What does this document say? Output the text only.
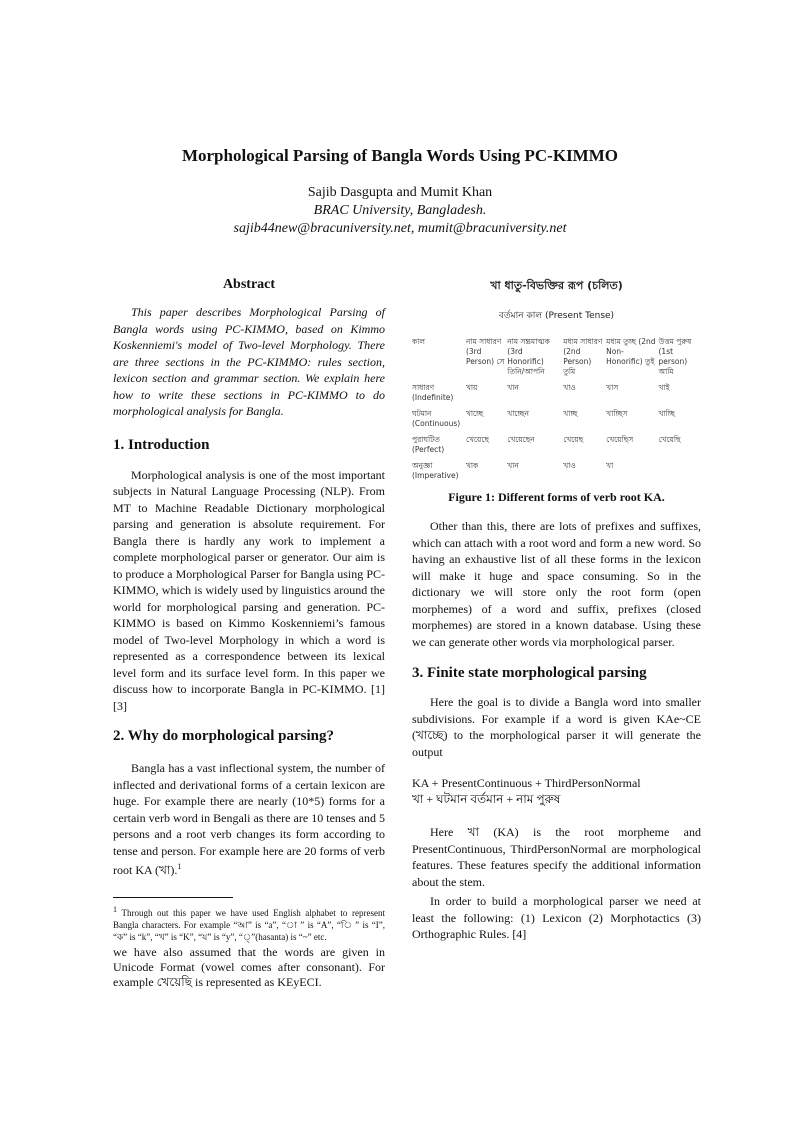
Morphological Parsing of Bangla Words Using PC-KIMMO
Sajib Dasgupta and Mumit Khan
BRAC University, Bangladesh.
sajib44new@bracuniversity.net, mumit@bracuniversity.net
Abstract

This paper describes Morphological Parsing of Bangla words using PC-KIMMO, based on Kimmo Koskenniemi's model of Two-level Morphology. There are three sections in the PC-KIMMO: rules section, lexicon section and grammar section. We explain here how to write these sections in PC-KIMMO to do morphological analysis for Bangla.

1. Introduction

Morphological analysis is one of the most important subjects in Natural Language Processing (NLP). From MT to Machine Readable Dictionary morphological parsing and generation is absolute requirement. For Bangla there is hardly any work to implement a complete morphological parser or generator. Our aim is to produce a Morphological Parser for Bangla using PC-KIMMO, which is widely used by linguistics around the world for morphological parsing and generation. PC-KIMMO is based on Kimmo Koskenniemi’s famous model of Two-level Morphology in which a word is represented as a correspondence between its lexical level form and its surface level form. In this paper we discuss how to incorporate Bangla in PC-KIMMO. [1][3]

2. Why do morphological parsing?

Bangla has a vast inflectional system, the number of inflected and derivational forms of a certain lexicon are huge. For example there are nearly (10*5) forms for a certain verb word in Bengali as there are 10 tenses and 5 persons and a root verb changes its form according to tense and person. For example here are 20 forms of verb root KA (খা).$^1$

$^1$ Through out this paper we have used English alphabet to represent Bangla characters. For example “আ” is “a”, “া ” is “A”, “ি ” is “I”, “ক” is “k”, “খ” is “K”, “য” is “y”, “্”(hasanta) is “~” etc.

we have also assumed that the words are given in Unicode Format (vowel comes after consonant). For example খেয়েছি is represented as KEyECI.

খা ধাতু-বিভক্তির রূপ (চলিত)
বর্তমান কাল (Present Tense)
কাল	নাম সাধারণ (3rd Person) সে	নাম সম্ভ্রমাত্মক (3rd Honorific) তিনি/আপনি	মধ্যম সাধারণ (2nd Person) তুমি	মধ্যম তুচ্ছ (2nd Non-Honorific) তুই	উত্তম পুরুষ (1st person) আমি
সাধারণ (Indefinite)	খায়	খান	খাও	খাস	খাই
ঘটমান (Continuous)	খাচ্ছে	খাচ্ছেন	খাচ্ছ	খাচ্ছিস	খাচ্ছি
পুরাঘটিত (Perfect)	খেয়েছে	খেয়েছেন	খেয়েছ	খেয়েছিস	খেয়েছি
অনুজ্ঞা (Imperative)	খাক	খান	খাও	খা	
Figure 1: Different forms of verb root KA.

Other than this, there are lots of prefixes and suffixes, which can attach with a root word and form a new word. So having an exhaustive list of all these forms in the lexicon will make it huge and space consuming. So in the dictionary we will store only the root form (open morphemes) of a word and suffix, prefixes (closed morphemes) are stored in a known database. Using these we can generate other words via morphological parser.

3. Finite state morphological parsing

Here the goal is to divide a Bangla word into smaller subdivisions. For example if a word is given KAe~CE (খাচ্ছে) to the morphological parser it will generate the output

KA + PresentContinuous + ThirdPersonNormal

খা + ঘটমান বর্তমান + নাম পুরুষ

Here খা (KA) is the root morpheme and PresentContinuous, ThirdPersonNormal are morphological features. These features specify the additional information about the stem.

In order to build a morphological parser we need at least the following: (1) Lexicon (2) Morphotactics (3) Orthographic Rules. [4]
